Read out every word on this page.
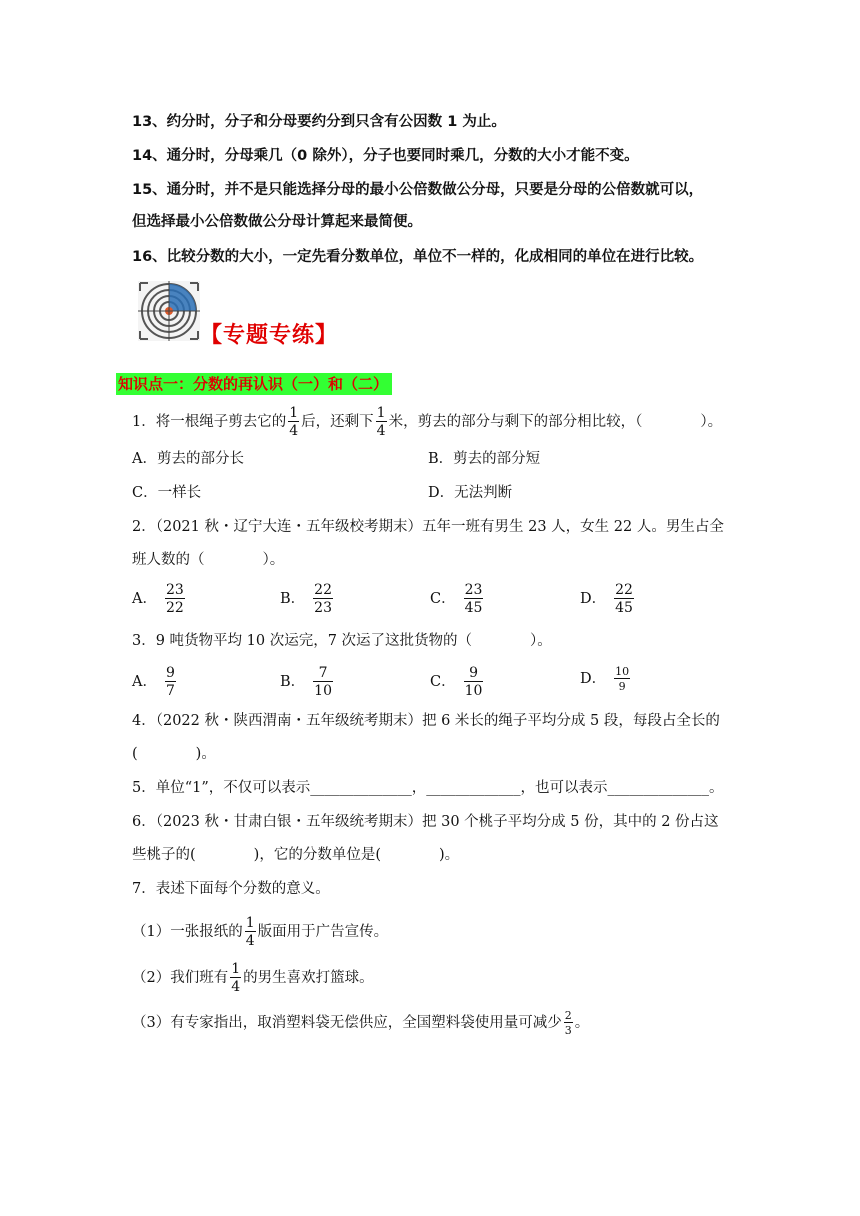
13、约分时，分子和分母要约分到只含有公因数 1 为止。
14、通分时，分母乘几（0 除外），分子也要同时乘几，分数的大小才能不变。
15、通分时，并不是只能选择分母的最小公倍数做公分母，只要是分母的公倍数就可以，
但选择最小公倍数做公分母计算起来最简便。
16、比较分数的大小，一定先看分数单位，单位不一样的，化成相同的单位在进行比较。
【专题专练】
知识点一：分数的再认识（一）和（二）
1．将一根绳子剪去它的 $\frac{1}{4}$ 后，还剩下 $\frac{1}{4}$ 米，剪去的部分与剩下的部分相比较，（　　　　）。
A．剪去的部分长	B．剪去的部分短
C．一样长	D．无法判断
2．（2021 秋・辽宁大连・五年级校考期末）五年一班有男生 23 人，女生 22 人。男生占全
班人数的（　　　　）。
A． $\frac{23}{22}$	B． $\frac{22}{23}$	C． $\frac{23}{45}$	D． $\frac{22}{45}$
3．9 吨货物平均 10 次运完，7 次运了这批货物的（　　　　）。
A． $\frac{9}{7}$	B． $\frac{7}{10}$	C． $\frac{9}{10}$	D． $\frac{10}{9}$
4．（2022 秋・陕西渭南・五年级统考期末）把 6 米长的绳子平均分成 5 段，每段占全长的
(　　　　)。
5．单位“1”，不仅可以表示______________，_____________，也可以表示______________。
6．（2023 秋・甘肃白银・五年级统考期末）把 30 个桃子平均分成 5 份，其中的 2 份占这
些桃子的(　　　　)，它的分数单位是(　　　　)。
7．表述下面每个分数的意义。
（1）一张报纸的 $\frac{1}{4}$ 版面用于广告宣传。
（2）我们班有 $\frac{1}{4}$ 的男生喜欢打篮球。
（3）有专家指出，取消塑料袋无偿供应，全国塑料袋使用量可减少 $\frac{2}{3}$ 。
